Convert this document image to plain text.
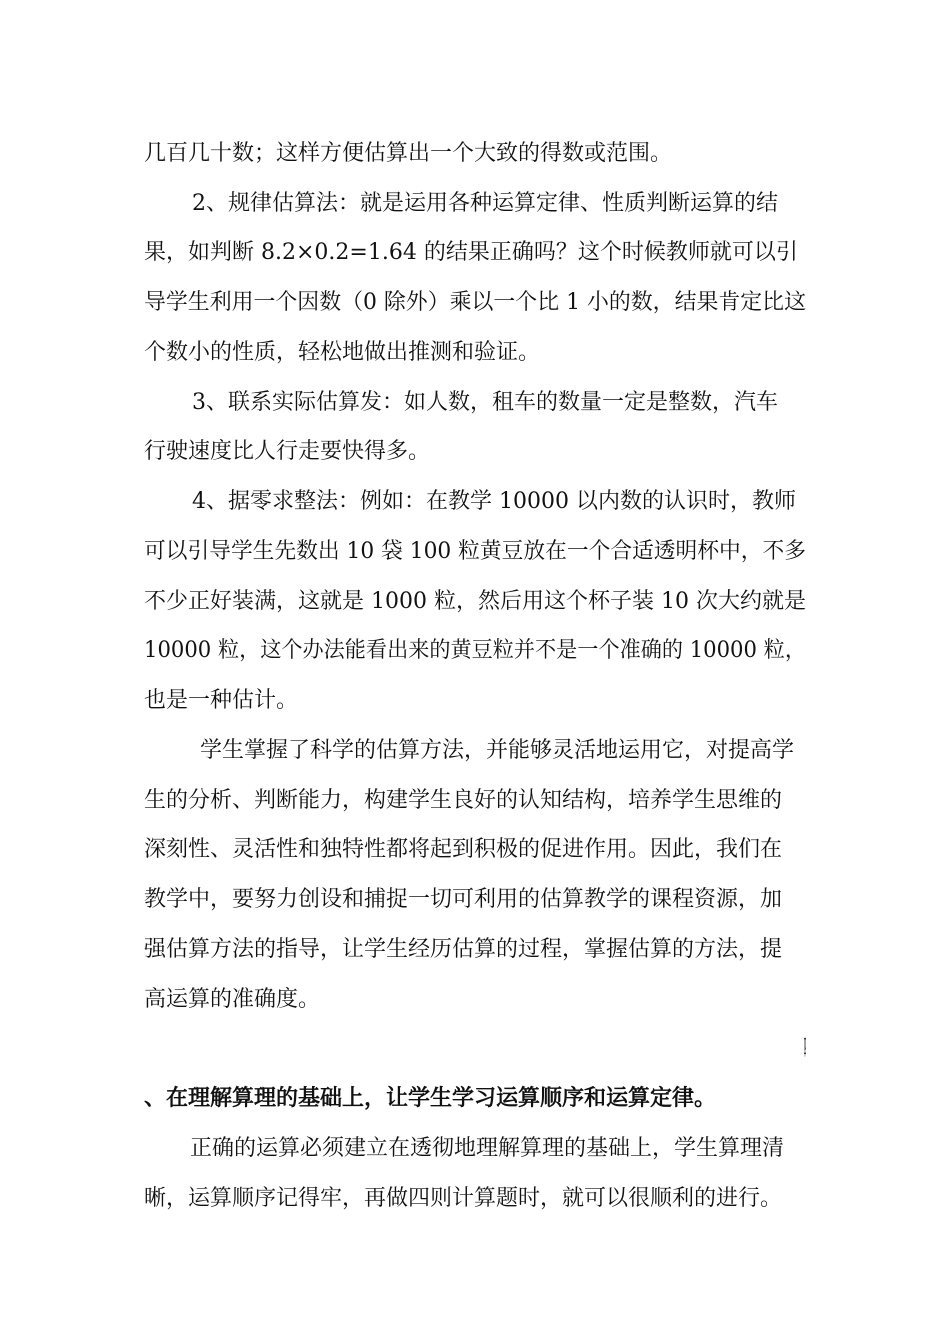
几百几十数；这样方便估算出一个大致的得数或范围。
2、规律估算法：就是运用各种运算定律、性质判断运算的结
果，如判断 8.2×0.2=1.64 的结果正确吗？这个时候教师就可以引
导学生利用一个因数（0 除外）乘以一个比 1 小的数，结果肯定比这
个数小的性质，轻松地做出推测和验证。
3、联系实际估算发：如人数，租车的数量一定是整数，汽车
行驶速度比人行走要快得多。
4、据零求整法：例如：在教学 10000 以内数的认识时，教师
可以引导学生先数出 10 袋 100 粒黄豆放在一个合适透明杯中，不多
不少正好装满，这就是 1000 粒，然后用这个杯子装 10 次大约就是
10000 粒，这个办法能看出来的黄豆粒并不是一个准确的 10000 粒，
也是一种估计。
学生掌握了科学的估算方法，并能够灵活地运用它，对提高学
生的分析、判断能力，构建学生良好的认知结构，培养学生思维的
深刻性、灵活性和独特性都将起到积极的促进作用。因此，我们在
教学中，要努力创设和捕捉一切可利用的估算教学的课程资源，加
强估算方法的指导，让学生经历估算的过程，掌握估算的方法，提
高运算的准确度。
四
、在理解算理的基础上，让学生学习运算顺序和运算定律。
正确的运算必须建立在透彻地理解算理的基础上，学生算理清
晰，运算顺序记得牢，再做四则计算题时，就可以很顺利的进行。
